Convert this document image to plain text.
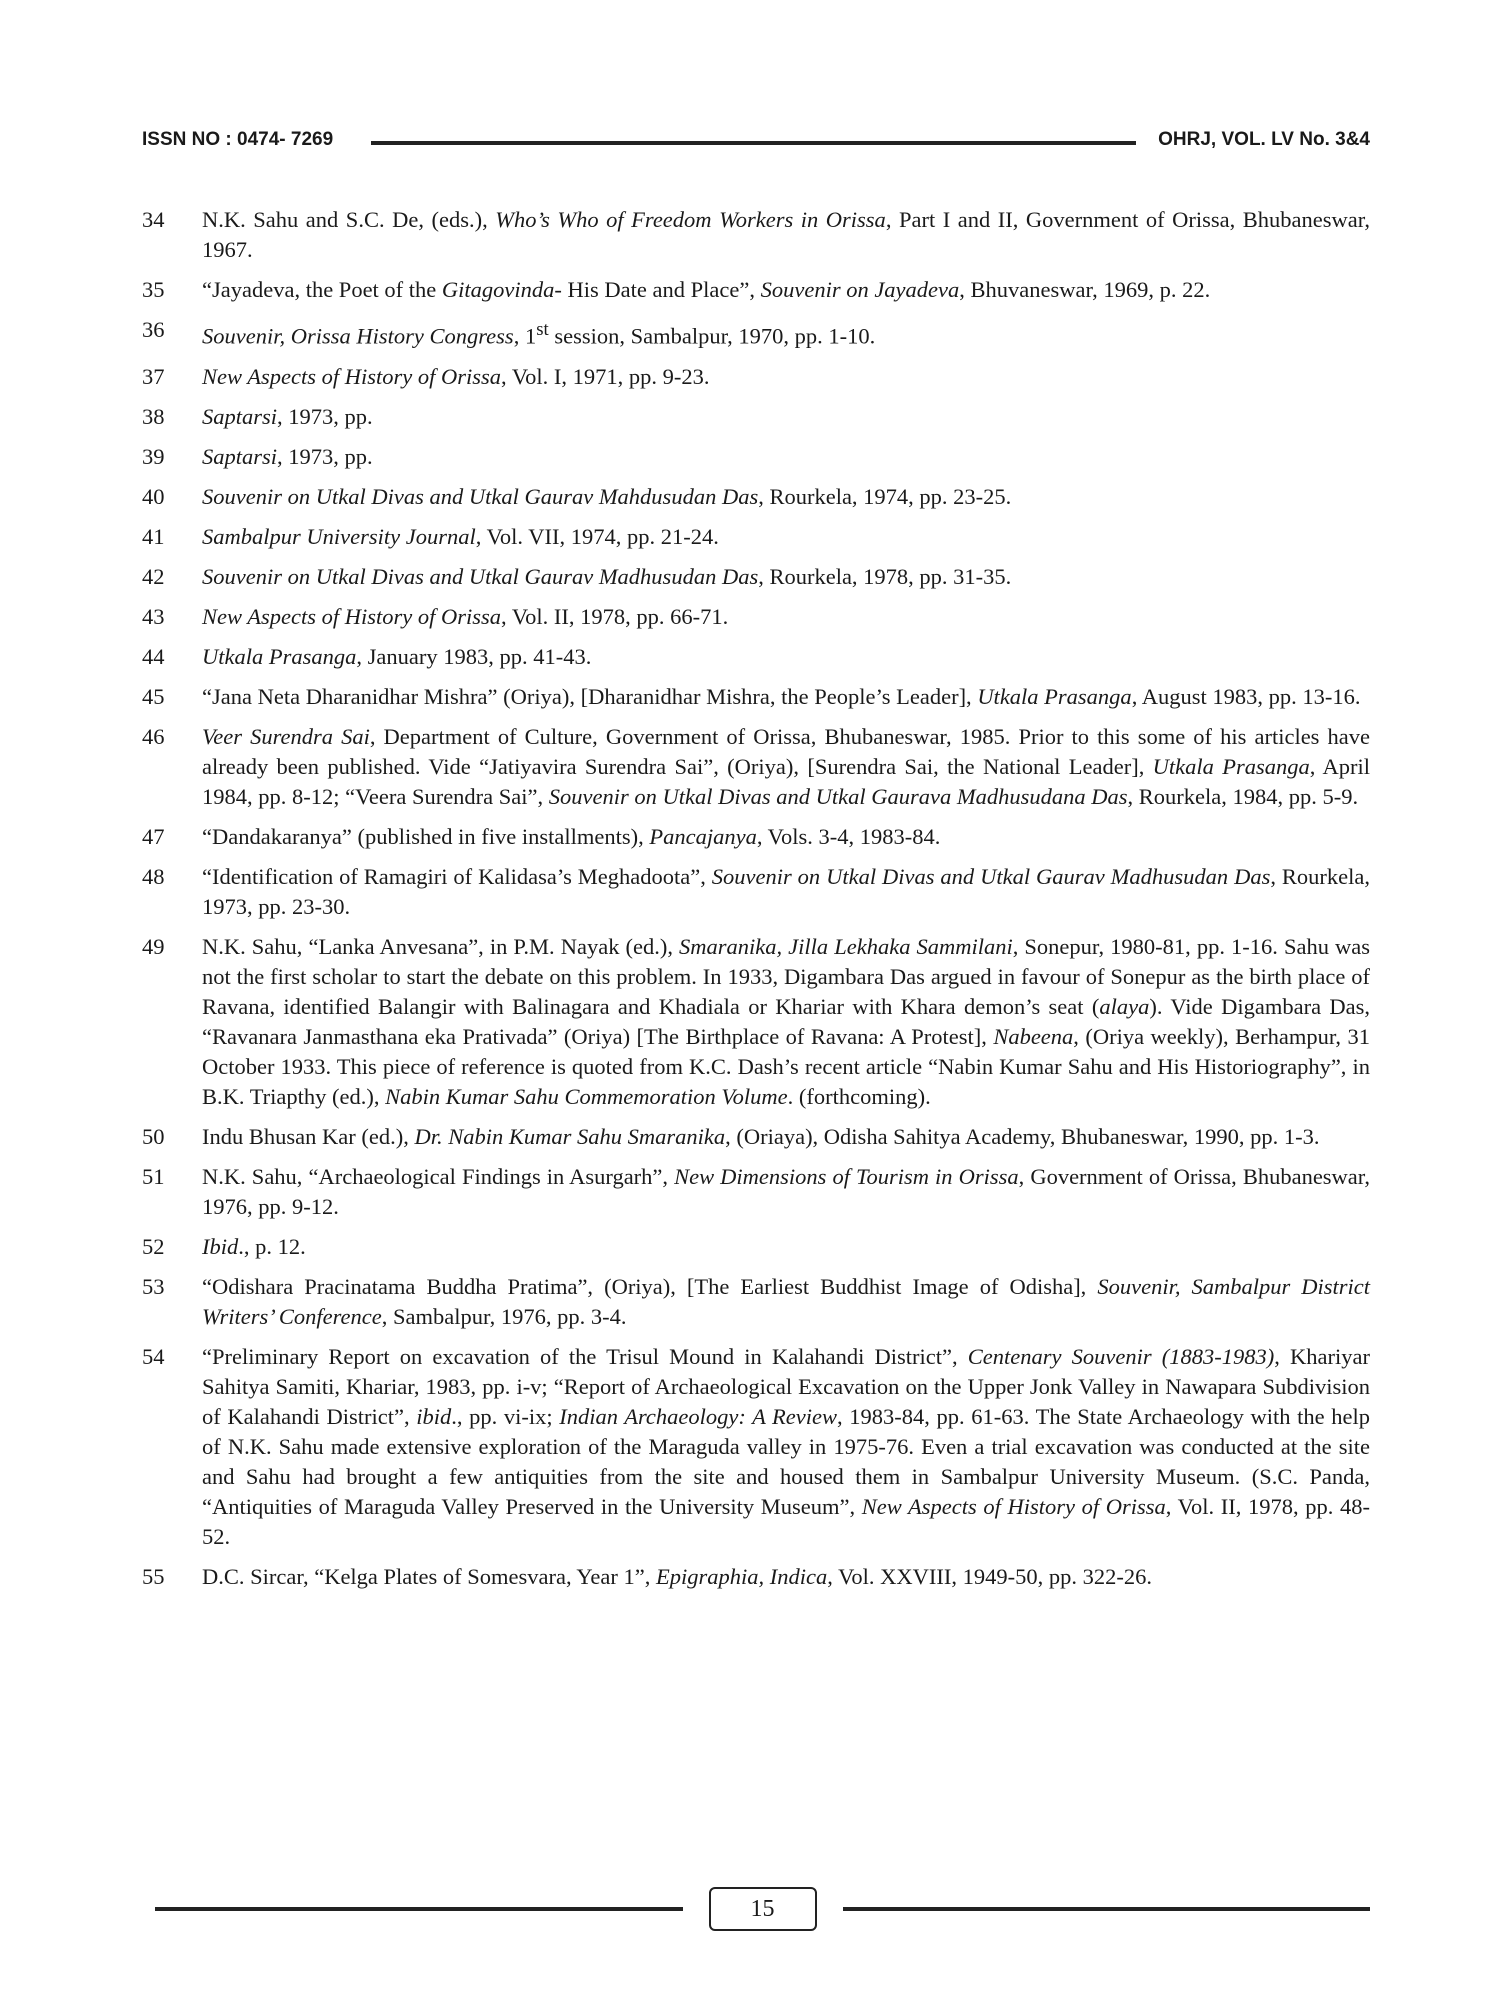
ISSN NO : 0474- 7269	OHRJ, VOL. LV No. 3&4
34	N.K. Sahu and S.C. De, (eds.), Who’s Who of Freedom Workers in Orissa, Part I and II, Government of Orissa, Bhubaneswar, 1967.
35	“Jayadeva, the Poet of the Gitagovinda- His Date and Place”, Souvenir on Jayadeva, Bhuvaneswar, 1969, p. 22.
36	Souvenir, Orissa History Congress, 1st session, Sambalpur, 1970, pp. 1-10.
37	New Aspects of History of Orissa, Vol. I, 1971, pp. 9-23.
38	Saptarsi, 1973, pp.
39	Saptarsi, 1973, pp.
40	Souvenir on Utkal Divas and Utkal Gaurav Mahdusudan Das, Rourkela, 1974, pp. 23-25.
41	Sambalpur University Journal, Vol. VII, 1974, pp. 21-24.
42	Souvenir on Utkal Divas and Utkal Gaurav Madhusudan Das, Rourkela, 1978, pp. 31-35.
43	New Aspects of History of Orissa, Vol. II, 1978, pp. 66-71.
44	Utkala Prasanga, January 1983, pp. 41-43.
45	“Jana Neta Dharanidhar Mishra” (Oriya), [Dharanidhar Mishra, the People’s Leader], Utkala Prasanga, August 1983, pp. 13-16.
46	Veer Surendra Sai, Department of Culture, Government of Orissa, Bhubaneswar, 1985. Prior to this some of his articles have already been published. Vide “Jatiyavira Surendra Sai”, (Oriya), [Surendra Sai, the National Leader], Utkala Prasanga, April 1984, pp. 8-12; “Veera Surendra Sai”, Souvenir on Utkal Divas and Utkal Gaurava Madhusudana Das, Rourkela, 1984, pp. 5-9.
47	“Dandakaranya” (published in five installments), Pancajanya, Vols. 3-4, 1983-84.
48	“Identification of Ramagiri of Kalidasa’s Meghadoota”, Souvenir on Utkal Divas and Utkal Gaurav Madhusudan Das, Rourkela, 1973, pp. 23-30.
49	N.K. Sahu, “Lanka Anvesana”, in P.M. Nayak (ed.), Smaranika, Jilla Lekhaka Sammilani, Sonepur, 1980-81, pp. 1-16. Sahu was not the first scholar to start the debate on this problem. In 1933, Digambara Das argued in favour of Sonepur as the birth place of Ravana, identified Balangir with Balinagara and Khadiala or Khariar with Khara demon’s seat (alaya). Vide Digambara Das, “Ravanara Janmasthana eka Prativada” (Oriya) [The Birthplace of Ravana: A Protest], Nabeena, (Oriya weekly), Berhampur, 31 October 1933. This piece of reference is quoted from K.C. Dash’s recent article “Nabin Kumar Sahu and His Historiography”, in B.K. Triapthy (ed.), Nabin Kumar Sahu Commemoration Volume. (forthcoming).
50	Indu Bhusan Kar (ed.), Dr. Nabin Kumar Sahu Smaranika, (Oriaya), Odisha Sahitya Academy, Bhubaneswar, 1990, pp. 1-3.
51	N.K. Sahu, “Archaeological Findings in Asurgarh”, New Dimensions of Tourism in Orissa, Government of Orissa, Bhubaneswar, 1976, pp. 9-12.
52	Ibid., p. 12.
53	“Odishara Pracinatama Buddha Pratima”, (Oriya), [The Earliest Buddhist Image of Odisha], Souvenir, Sambalpur District Writers’ Conference, Sambalpur, 1976, pp. 3-4.
54	“Preliminary Report on excavation of the Trisul Mound in Kalahandi District”, Centenary Souvenir (1883-1983), Khariyar Sahitya Samiti, Khariar, 1983, pp. i-v; “Report of Archaeological Excavation on the Upper Jonk Valley in Nawapara Subdivision of Kalahandi District”, ibid., pp. vi-ix; Indian Archaeology: A Review, 1983-84, pp. 61-63. The State Archaeology with the help of N.K. Sahu made extensive exploration of the Maraguda valley in 1975-76. Even a trial excavation was conducted at the site and Sahu had brought a few antiquities from the site and housed them in Sambalpur University Museum. (S.C. Panda, “Antiquities of Maraguda Valley Preserved in the University Museum”, New Aspects of History of Orissa, Vol. II, 1978, pp. 48-52.
55	D.C. Sircar, “Kelga Plates of Somesvara, Year 1”, Epigraphia, Indica, Vol. XXVIII, 1949-50, pp. 322-26.
15
